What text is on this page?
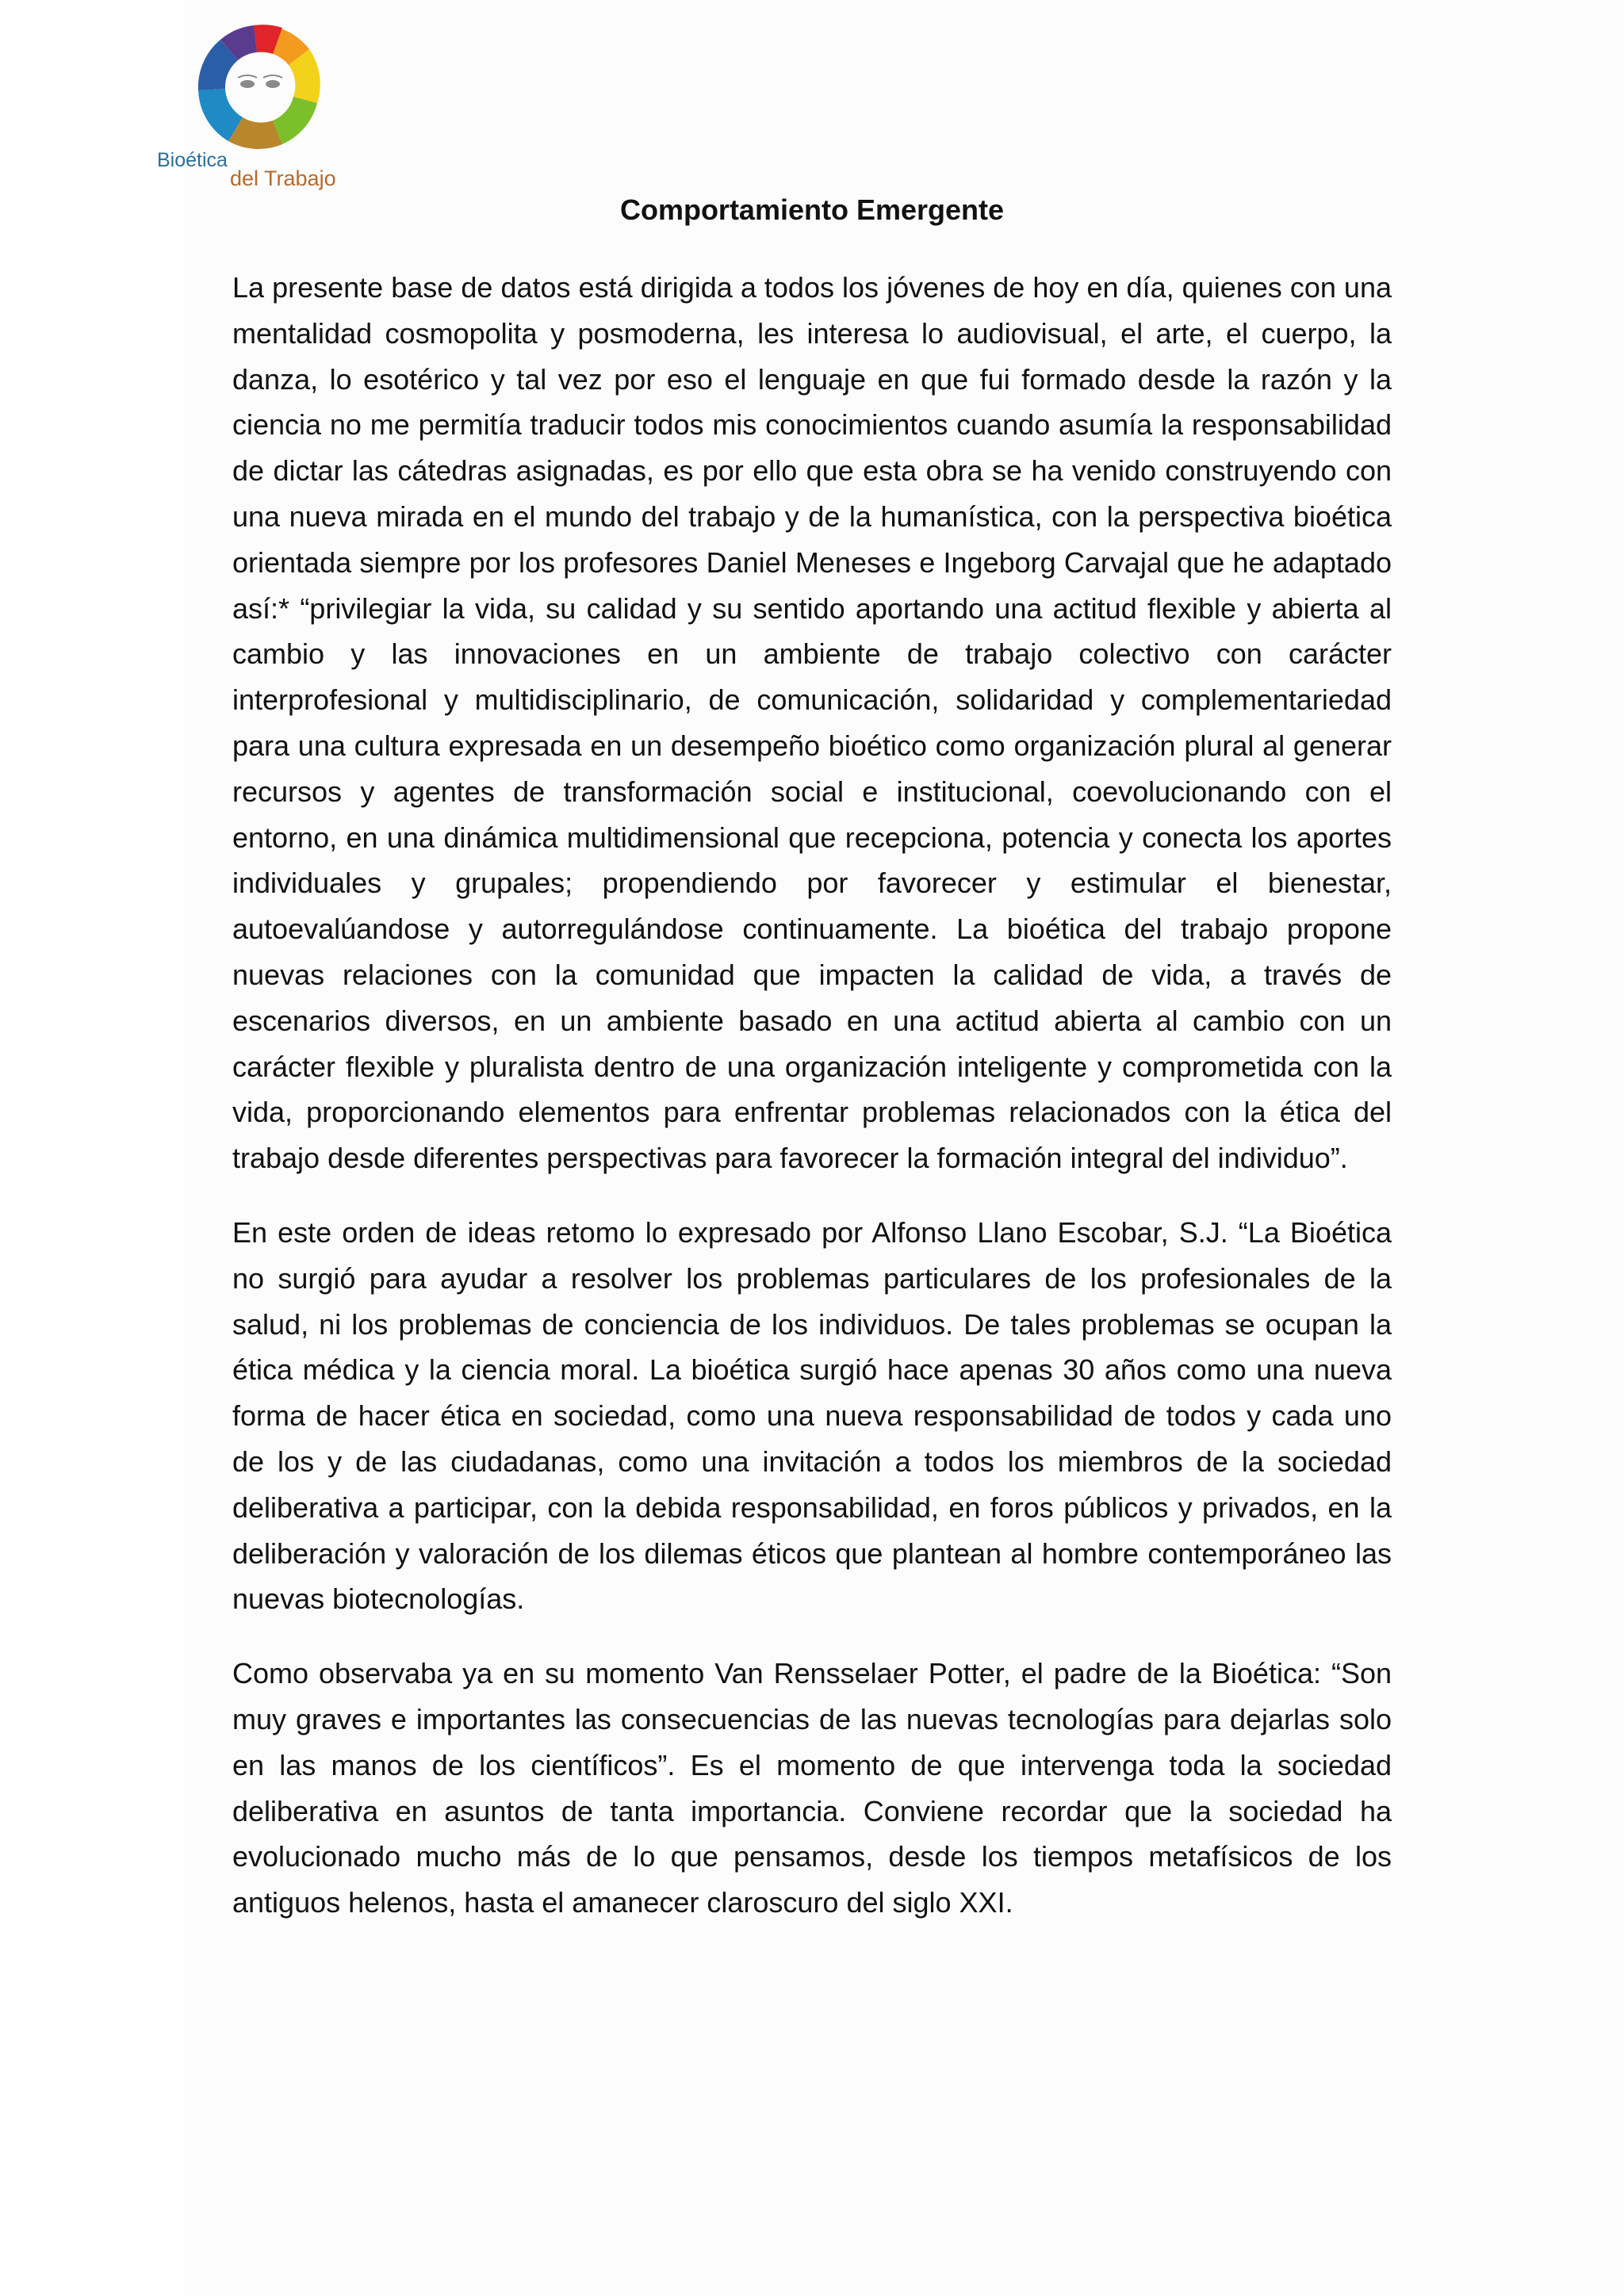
Bioética
del Trabajo
Comportamiento Emergente

La presente base de datos está dirigida a todos los jóvenes de hoy en día, quienes con una mentalidad cosmopolita y posmoderna, les interesa lo audiovisual, el arte, el cuerpo, la danza, lo esotérico y tal vez por eso el lenguaje en que fui formado desde la razón y la ciencia no me permitía traducir todos mis conocimientos cuando asumía la responsabilidad de dictar las cátedras asignadas, es por ello que esta obra se ha venido construyendo con una nueva mirada en el mundo del trabajo y de la humanística, con la perspectiva bioética orientada siempre por los profesores Daniel Meneses e Ingeborg Carvajal que he adaptado así:* “privilegiar la vida, su calidad y su sentido aportando una actitud flexible y abierta al cambio y las innovaciones en un ambiente de trabajo colectivo con carácter interprofesional y multidisciplinario, de comunicación, solidaridad y complementariedad para una cultura expresada en un desempeño bioético como organización plural al generar recursos y agentes de transformación social e institucional, coevolucionando con el entorno, en una dinámica multidimensional que recepciona, potencia y conecta los aportes individuales y grupales; propendiendo por favorecer y estimular el bienestar, autoevalúandose y autorregulándose continuamente. La bioética del trabajo propone nuevas relaciones con la comunidad que impacten la calidad de vida, a través de escenarios diversos, en un ambiente basado en una actitud abierta al cambio con un carácter flexible y pluralista dentro de una organización inteligente y comprometida con la vida, proporcionando elementos para enfrentar problemas relacionados con la ética del trabajo desde diferentes perspectivas para favorecer la formación integral del individuo”.

En este orden de ideas retomo lo expresado por Alfonso Llano Escobar, S.J. “La Bioética no surgió para ayudar a resolver los problemas particulares de los profesionales de la salud, ni los problemas de conciencia de los individuos. De tales problemas se ocupan la ética médica y la ciencia moral. La bioética surgió hace apenas 30 años como una nueva forma de hacer ética en sociedad, como una nueva responsabilidad de todos y cada uno de los y de las ciudadanas, como una invitación a todos los miembros de la sociedad deliberativa a participar, con la debida responsabilidad, en foros públicos y privados, en la deliberación y valoración de los dilemas éticos que plantean al hombre contemporáneo las nuevas biotecnologías.

Como observaba ya en su momento Van Rensselaer Potter, el padre de la Bioética: “Son muy graves e importantes las consecuencias de las nuevas tecnologías para dejarlas solo en las manos de los científicos”. Es el momento de que intervenga toda la sociedad deliberativa en asuntos de tanta importancia. Conviene recordar que la sociedad ha evolucionado mucho más de lo que pensamos, desde los tiempos metafísicos de los antiguos helenos, hasta el amanecer claroscuro del siglo XXI.
